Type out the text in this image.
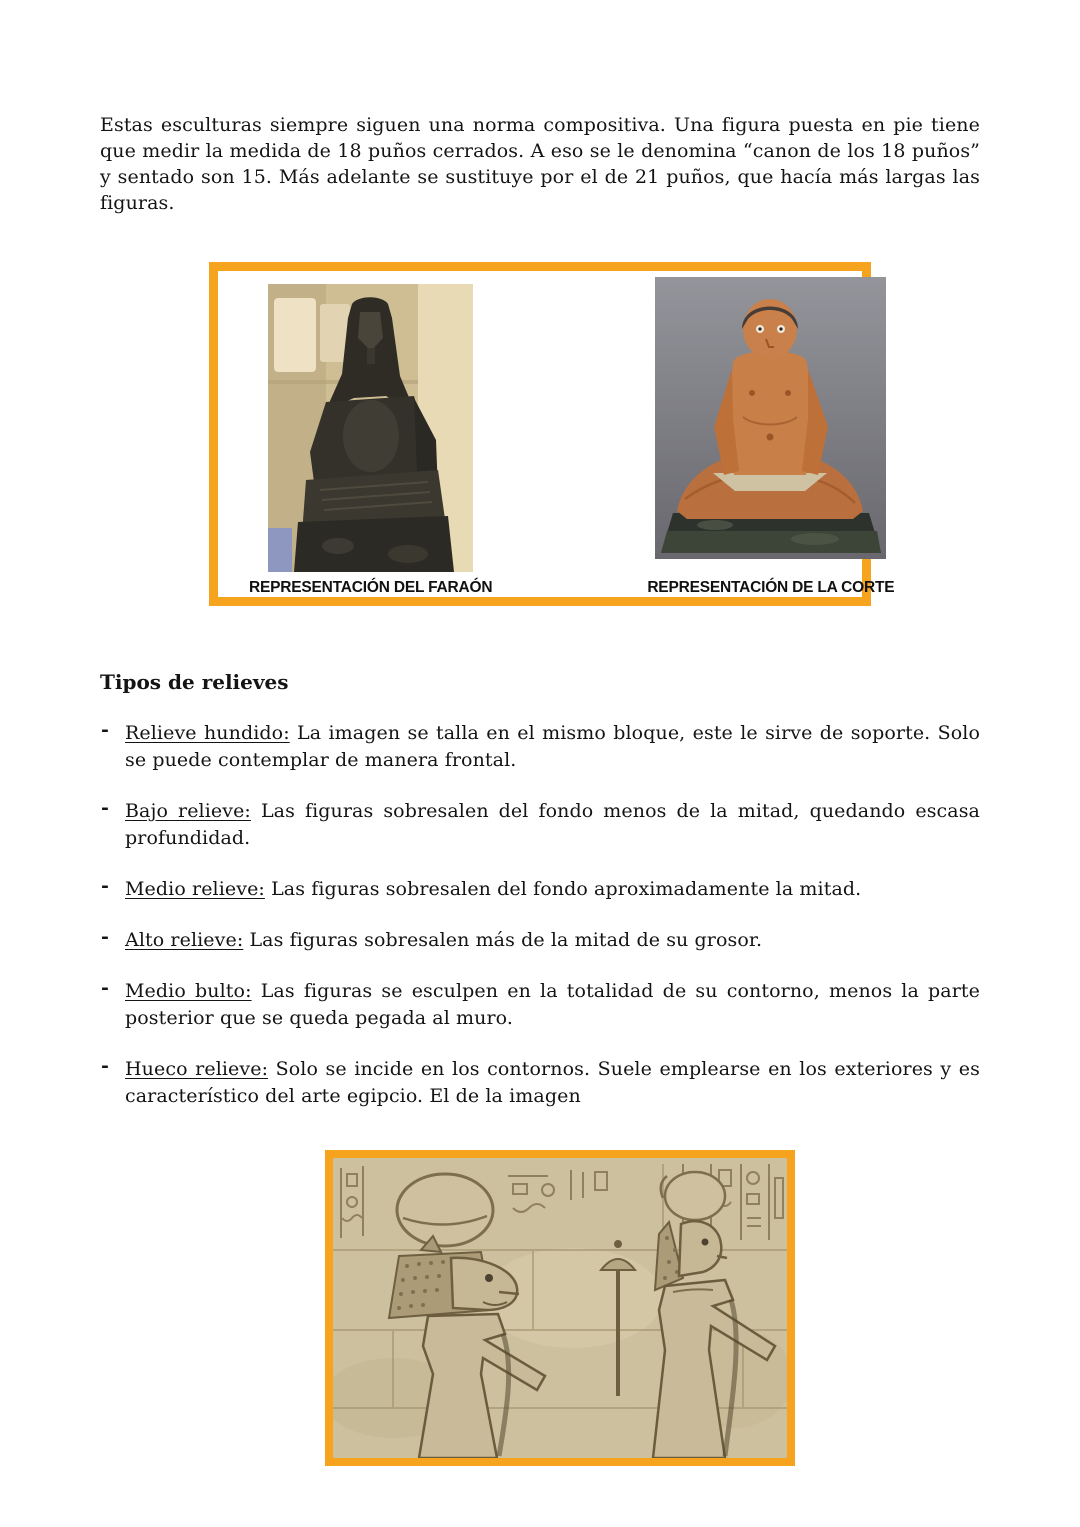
Estas esculturas siempre siguen una norma compositiva. Una figura puesta en pie tiene que medir la medida de 18 puños cerrados. A eso se le denomina “canon de los 18 puños” y sentado son 15. Más adelante se sustituye por el de 21 puños, que hacía más largas las figuras.

REPRESENTACIÓN DEL FARAÓN	REPRESENTACIÓN DE LA CORTE
Tipos de relieves
- Relieve hundido: La imagen se talla en el mismo bloque, este le sirve de soporte. Solo se puede contemplar de manera frontal.
- Bajo relieve: Las figuras sobresalen del fondo menos de la mitad, quedando escasa profundidad.
- Medio relieve: Las figuras sobresalen del fondo aproximadamente la mitad.
- Alto relieve: Las figuras sobresalen más de la mitad de su grosor.
- Medio bulto: Las figuras se esculpen en la totalidad de su contorno, menos la parte posterior que se queda pegada al muro.
- Hueco relieve: Solo se incide en los contornos. Suele emplearse en los exteriores y es característico del arte egipcio. El de la imagen
